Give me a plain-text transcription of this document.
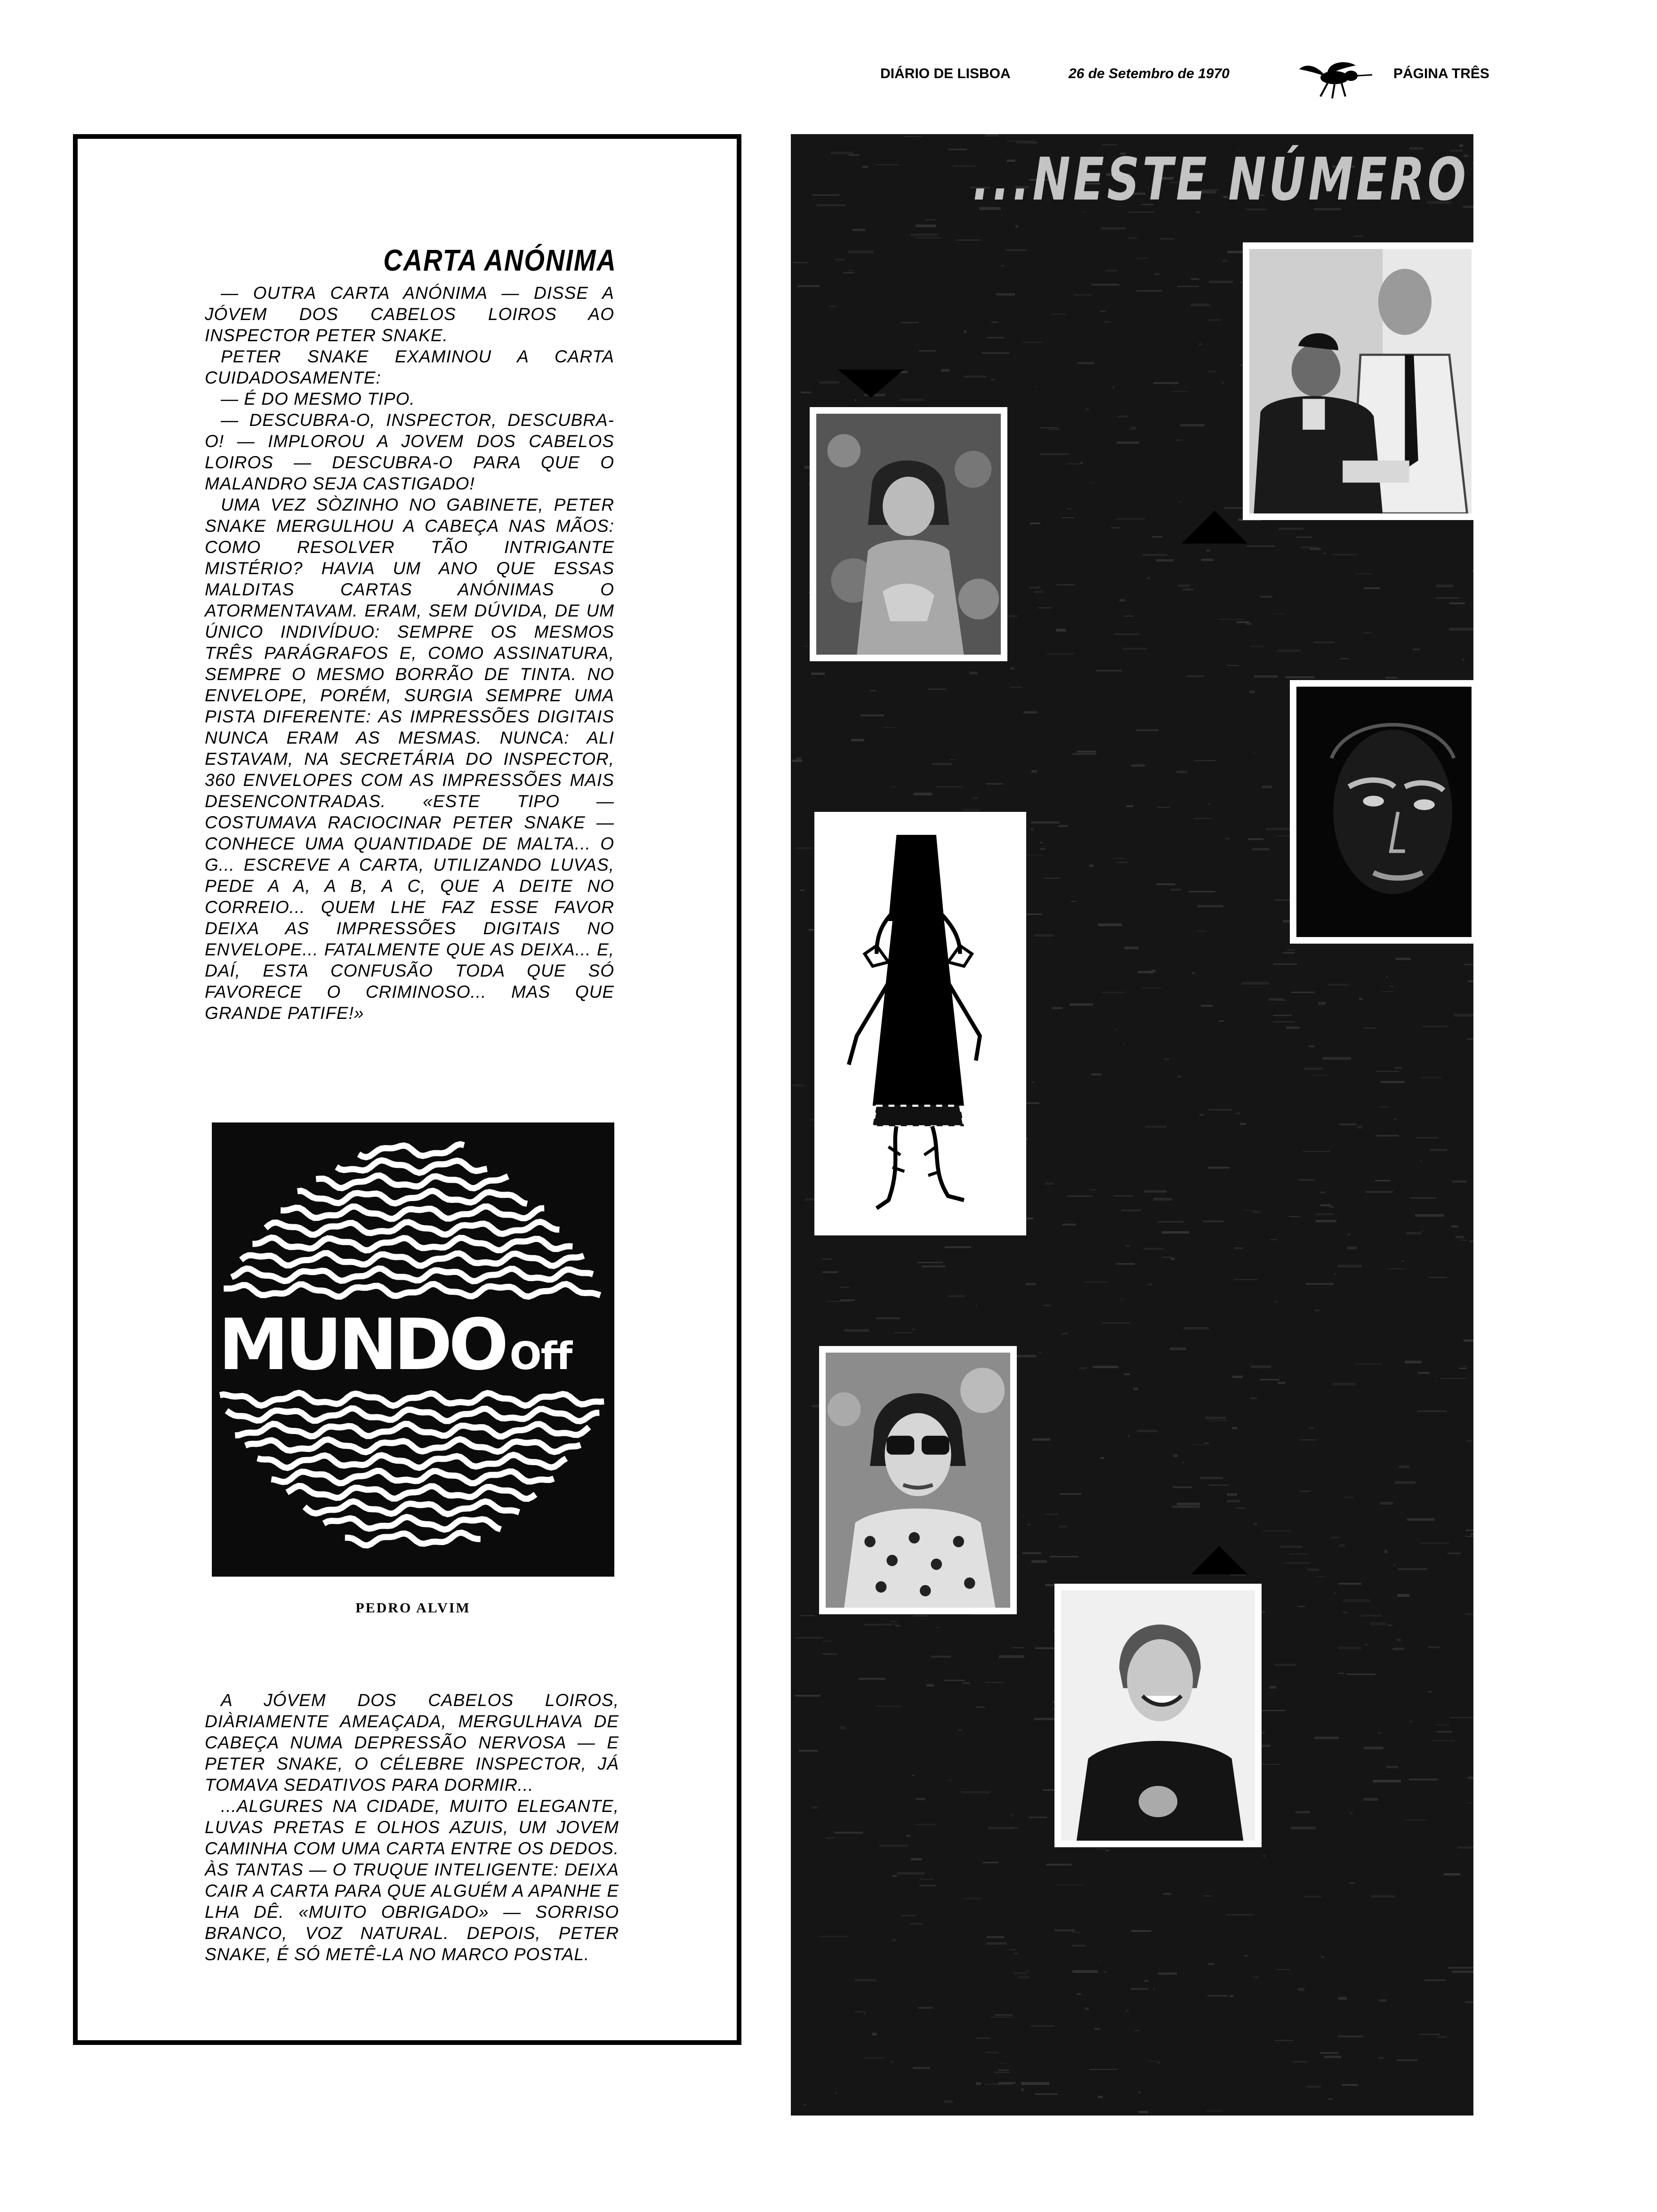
DIÁRIO DE LISBOA	26 de Setembro de 1970	PÁGINA TRÊS
CARTA ANÓNIMA

— OUTRA CARTA ANÓNIMA — DISSE A JÓVEM DOS CABELOS LOIROS AO INSPECTOR PETER SNAKE.

PETER SNAKE EXAMINOU A CARTA CUIDADOSAMENTE:

— É DO MESMO TIPO.

— DESCUBRA-O, INSPECTOR, DESCUBRA-O! — IMPLOROU A JOVEM DOS CABELOS LOIROS — DESCUBRA-O PARA QUE O MALANDRO SEJA CASTIGADO!

UMA VEZ SÒZINHO NO GABINETE, PETER SNAKE MERGULHOU A CABEÇA NAS MÃOS: COMO RESOLVER TÃO INTRIGANTE MISTÉRIO? HAVIA UM ANO QUE ESSAS MALDITAS CARTAS ANÓNIMAS O ATORMENTAVAM. ERAM, SEM DÚVIDA, DE UM ÚNICO INDIVÍDUO: SEMPRE OS MESMOS TRÊS PARÁGRAFOS E, COMO ASSINATURA, SEMPRE O MESMO BORRÃO DE TINTA. NO ENVELOPE, PORÉM, SURGIA SEMPRE UMA PISTA DIFERENTE: AS IMPRESSÕES DIGITAIS NUNCA ERAM AS MESMAS. NUNCA: ALI ESTAVAM, NA SECRETÁRIA DO INSPECTOR, 360 ENVELOPES COM AS IMPRESSÕES MAIS DESENCONTRADAS. «ESTE TIPO — COSTUMAVA RACIOCINAR PETER SNAKE — CONHECE UMA QUANTIDADE DE MALTA... O G... ESCREVE A CARTA, UTILIZANDO LUVAS, PEDE A A, A B, A C, QUE A DEITE NO CORREIO... QUEM LHE FAZ ESSE FAVOR DEIXA AS IMPRESSÕES DIGITAIS NO ENVELOPE... FATALMENTE QUE AS DEIXA... E, DAÍ, ESTA CONFUSÃO TODA QUE SÓ FAVORECE O CRIMINOSO... MAS QUE GRANDE PATIFE!»

MUNDO Off
PEDRO ALVIM

A JÓVEM DOS CABELOS LOIROS, DIÀRIAMENTE AMEAÇADA, MERGULHAVA DE CABEÇA NUMA DEPRESSÃO NERVOSA — E PETER SNAKE, O CÉLEBRE INSPECTOR, JÁ TOMAVA SEDATIVOS PARA DORMIR...

...ALGURES NA CIDADE, MUITO ELEGANTE, LUVAS PRETAS E OLHOS AZUIS, UM JOVEM CAMINHA COM UMA CARTA ENTRE OS DEDOS. ÀS TANTAS — O TRUQUE INTELIGENTE: DEIXA CAIR A CARTA PARA QUE ALGUÉM A APANHE E LHA DÊ. «MUITO OBRIGADO» — SORRISO BRANCO, VOZ NATURAL. DEPOIS, PETER SNAKE, É SÓ METÊ-LA NO MARCO POSTAL.

...NESTE NÚMERO
